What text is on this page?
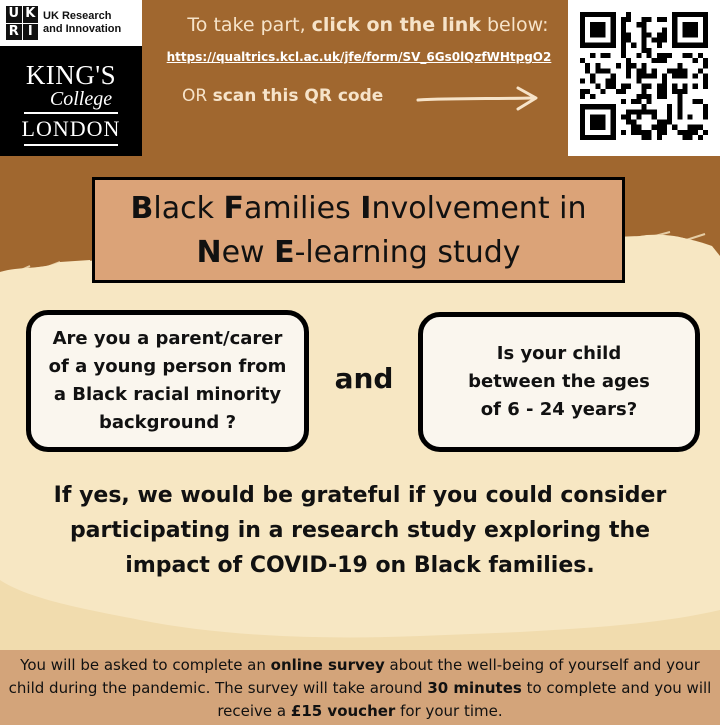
U K
R I
UK Research
and Innovation
KING'S
College
LONDON
To take part, click on the link below:
https://qualtrics.kcl.ac.uk/jfe/form/SV_6Gs0lQzfWHtpgO2
OR scan this QR code
Black Families Involvement in
New E-learning study
Are you a parent/carer
of a young person from
a Black racial minority
background ?
and
Is your child
between the ages
of 6 - 24 years?
If yes, we would be grateful if you could consider
participating in a research study exploring the
impact of COVID-19 on Black families.
You will be asked to complete an online survey about the well-being of yourself and your child during the pandemic. The survey will take around 30 minutes to complete and you will receive a £15 voucher for your time.
